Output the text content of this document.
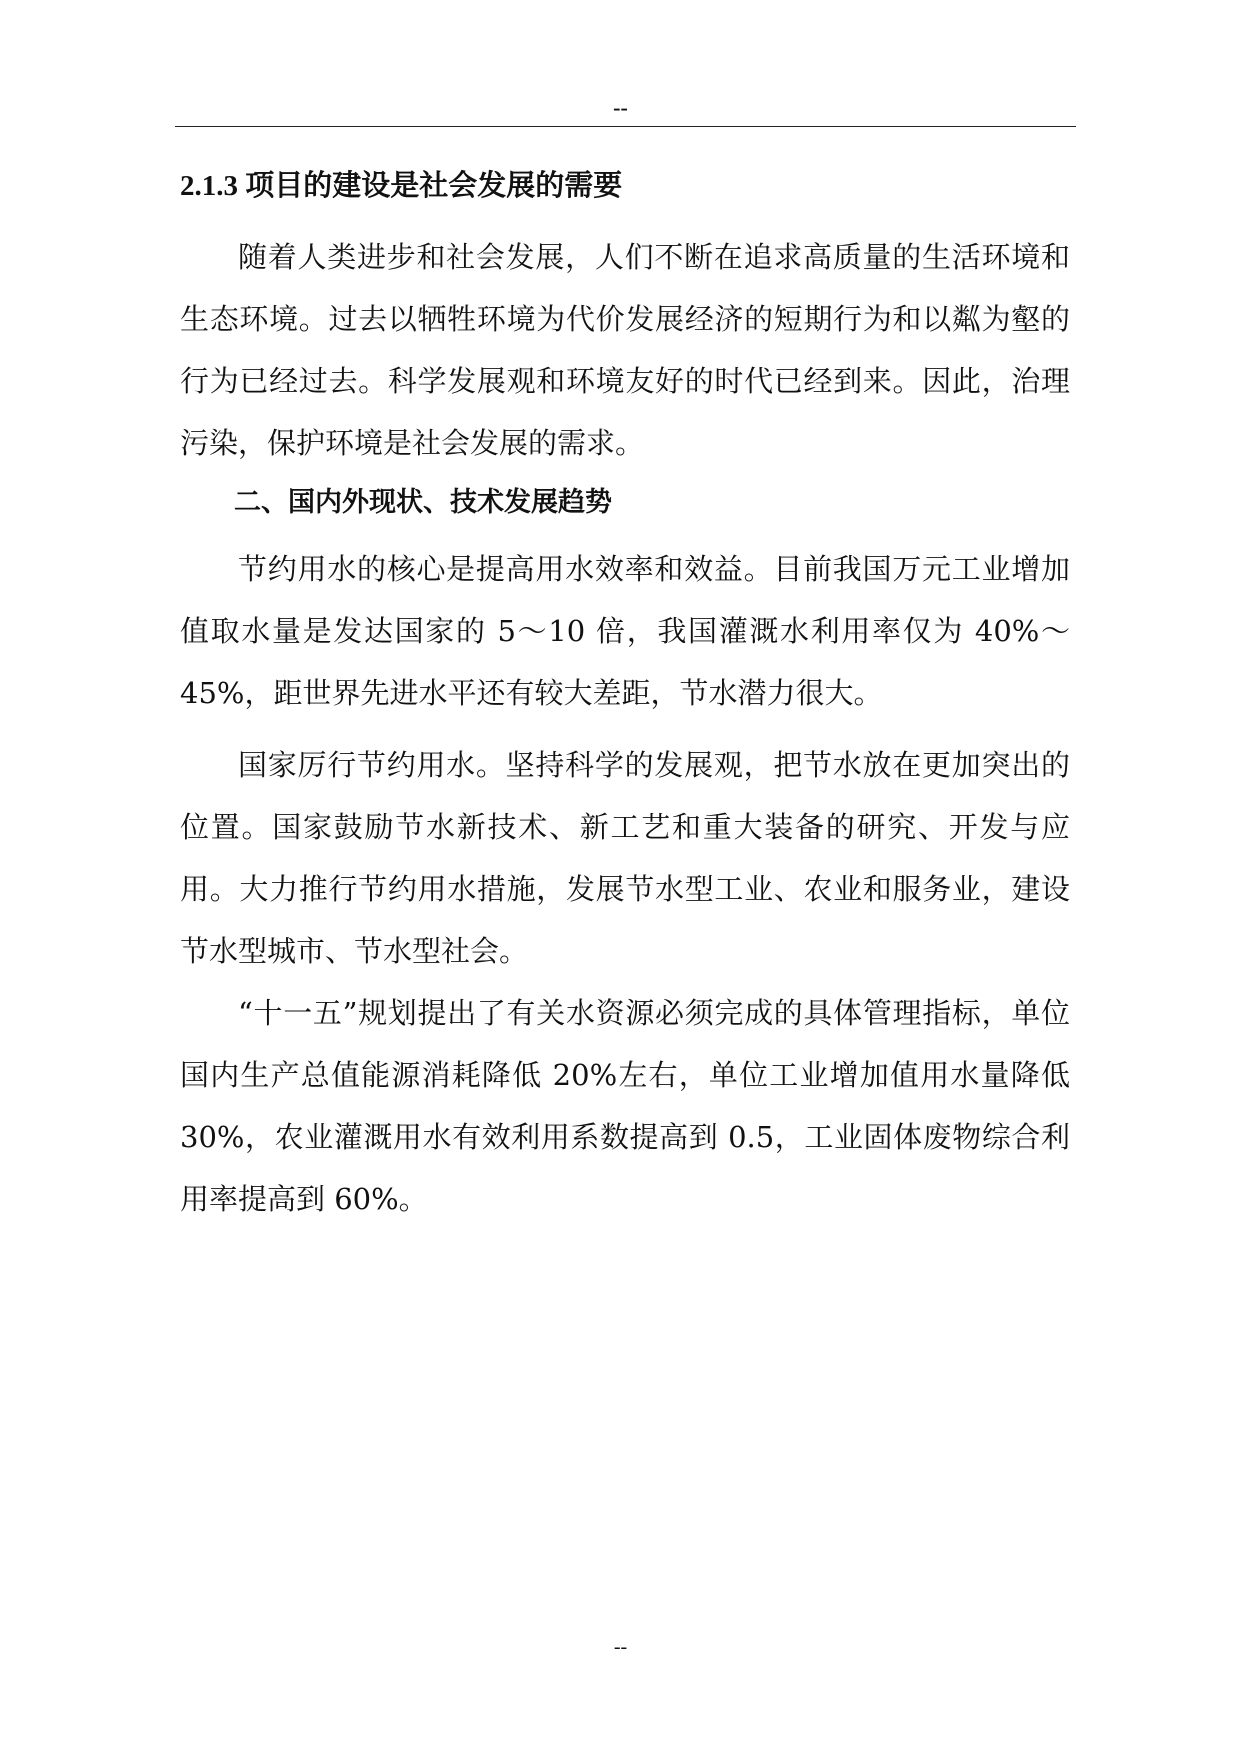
--
2.1.3 项目的建设是社会发展的需要

随着人类进步和社会发展，人们不断在追求高质量的生活环境和生态环境。过去以牺牲环境为代价发展经济的短期行为和以粼为壑的行为已经过去。科学发展观和环境友好的时代已经到来。因此，治理污染，保护环境是社会发展的需求。

二、国内外现状、技术发展趋势

节约用水的核心是提高用水效率和效益。目前我国万元工业增加值取水量是发达国家的 5～10 倍，我国灌溉水利用率仅为 40%～45%，距世界先进水平还有较大差距，节水潜力很大。

国家厉行节约用水。坚持科学的发展观，把节水放在更加突出的位置。国家鼓励节水新技术、新工艺和重大装备的研究、开发与应用。大力推行节约用水措施，发展节水型工业、农业和服务业，建设节水型城市、节水型社会。

“十一五”规划提出了有关水资源必须完成的具体管理指标，单位国内生产总值能源消耗降低 20%左右，单位工业增加值用水量降低 30%，农业灌溉用水有效利用系数提高到 0.5，工业固体废物综合利用率提高到 60%。

--
